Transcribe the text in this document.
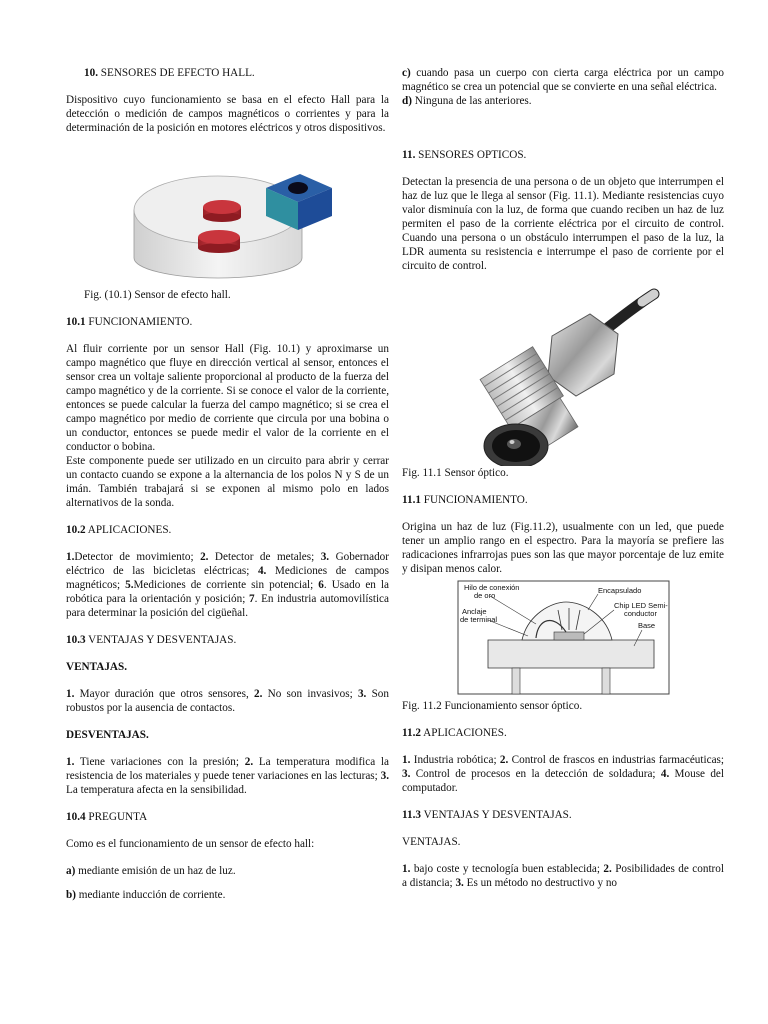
10. SENSORES DE EFECTO HALL.

Dispositivo cuyo funcionamiento se basa en el efecto Hall para la detección o medición de campos magnéticos o corrientes y para la determinación de la posición en motores eléctricos y otros dispositivos.

Fig. (10.1) Sensor de efecto hall.
10.1 FUNCIONAMIENTO.

Al fluir corriente por un sensor Hall (Fig. 10.1) y aproximarse un campo magnético que fluye en dirección vertical al sensor, entonces el sensor crea un voltaje saliente proporcional al producto de la fuerza del campo magnético y de la corriente. Si se conoce el valor de la corriente, entonces se puede calcular la fuerza del campo magnético; si se crea el campo magnético por medio de corriente que circula por una bobina o un conductor, entonces se puede medir el valor de la corriente en el conductor o bobina.

Este componente puede ser utilizado en un circuito para abrir y cerrar un contacto cuando se expone a la alternancia de los polos N y S de un imán. También trabajará si se exponen al mismo polo en lados alternativos de la sonda.

10.2 APLICACIONES.

1.Detector de movimiento; 2. Detector de metales; 3. Gobernador eléctrico de las bicicletas eléctricas; 4. Mediciones de campos magnéticos; 5.Mediciones de corriente sin potencial; 6. Usado en la robótica para la orientación y posición; 7. En industria automovilística para determinar la posición del cigüeñal.

10.3 VENTAJAS Y DESVENTAJAS.
VENTAJAS.

1. Mayor duración que otros sensores, 2. No son invasivos; 3. Son robustos por la ausencia de contactos.

DESVENTAJAS.

1. Tiene variaciones con la presión; 2. La temperatura modifica la resistencia de los materiales y puede tener variaciones en las lecturas; 3. La temperatura afecta en la sensibilidad.

10.4 PREGUNTA

Como es el funcionamiento de un sensor de efecto hall:

a) mediante emisión de un haz de luz.

b) mediante inducción de corriente.

c) cuando pasa un cuerpo con cierta carga eléctrica por un campo magnético se crea un potencial que se convierte en una señal eléctrica.

d) Ninguna de las anteriores.

11. SENSORES OPTICOS.

Detectan la presencia de una persona o de un objeto que interrumpen el haz de luz que le llega al sensor (Fig. 11.1). Mediante resistencias cuyo valor disminuía con la luz, de forma que cuando reciben un haz de luz permiten el paso de la corriente eléctrica por el circuito de control. Cuando una persona o un obstáculo interrumpen el paso de la luz, la LDR aumenta su resistencia e interrumpe el paso de corriente por el circuito de control.

Fig. 11.1 Sensor óptico.
11.1 FUNCIONAMIENTO.

Origina un haz de luz (Fig.11.2), usualmente con un led, que puede tener un amplio rango en el espectro. Para la mayoría se prefiere las radicaciones infrarrojas pues son las que mayor porcentaje de luz emite y disipan menos calor.

Hilo de conexión
de oro
Anclaje
de terminal
Encapsulado
Chip LED Semi-
conductor
Base
Fig. 11.2 Funcionamiento sensor óptico.
11.2 APLICACIONES.

1. Industria robótica; 2. Control de frascos en industrias farmacéuticas; 3. Control de procesos en la detección de soldadura; 4. Mouse del computador.

11.3 VENTAJAS Y DESVENTAJAS.
VENTAJAS.

1. bajo coste y tecnología buen establecida; 2. Posibilidades de control a distancia; 3. Es un método no destructivo y no
